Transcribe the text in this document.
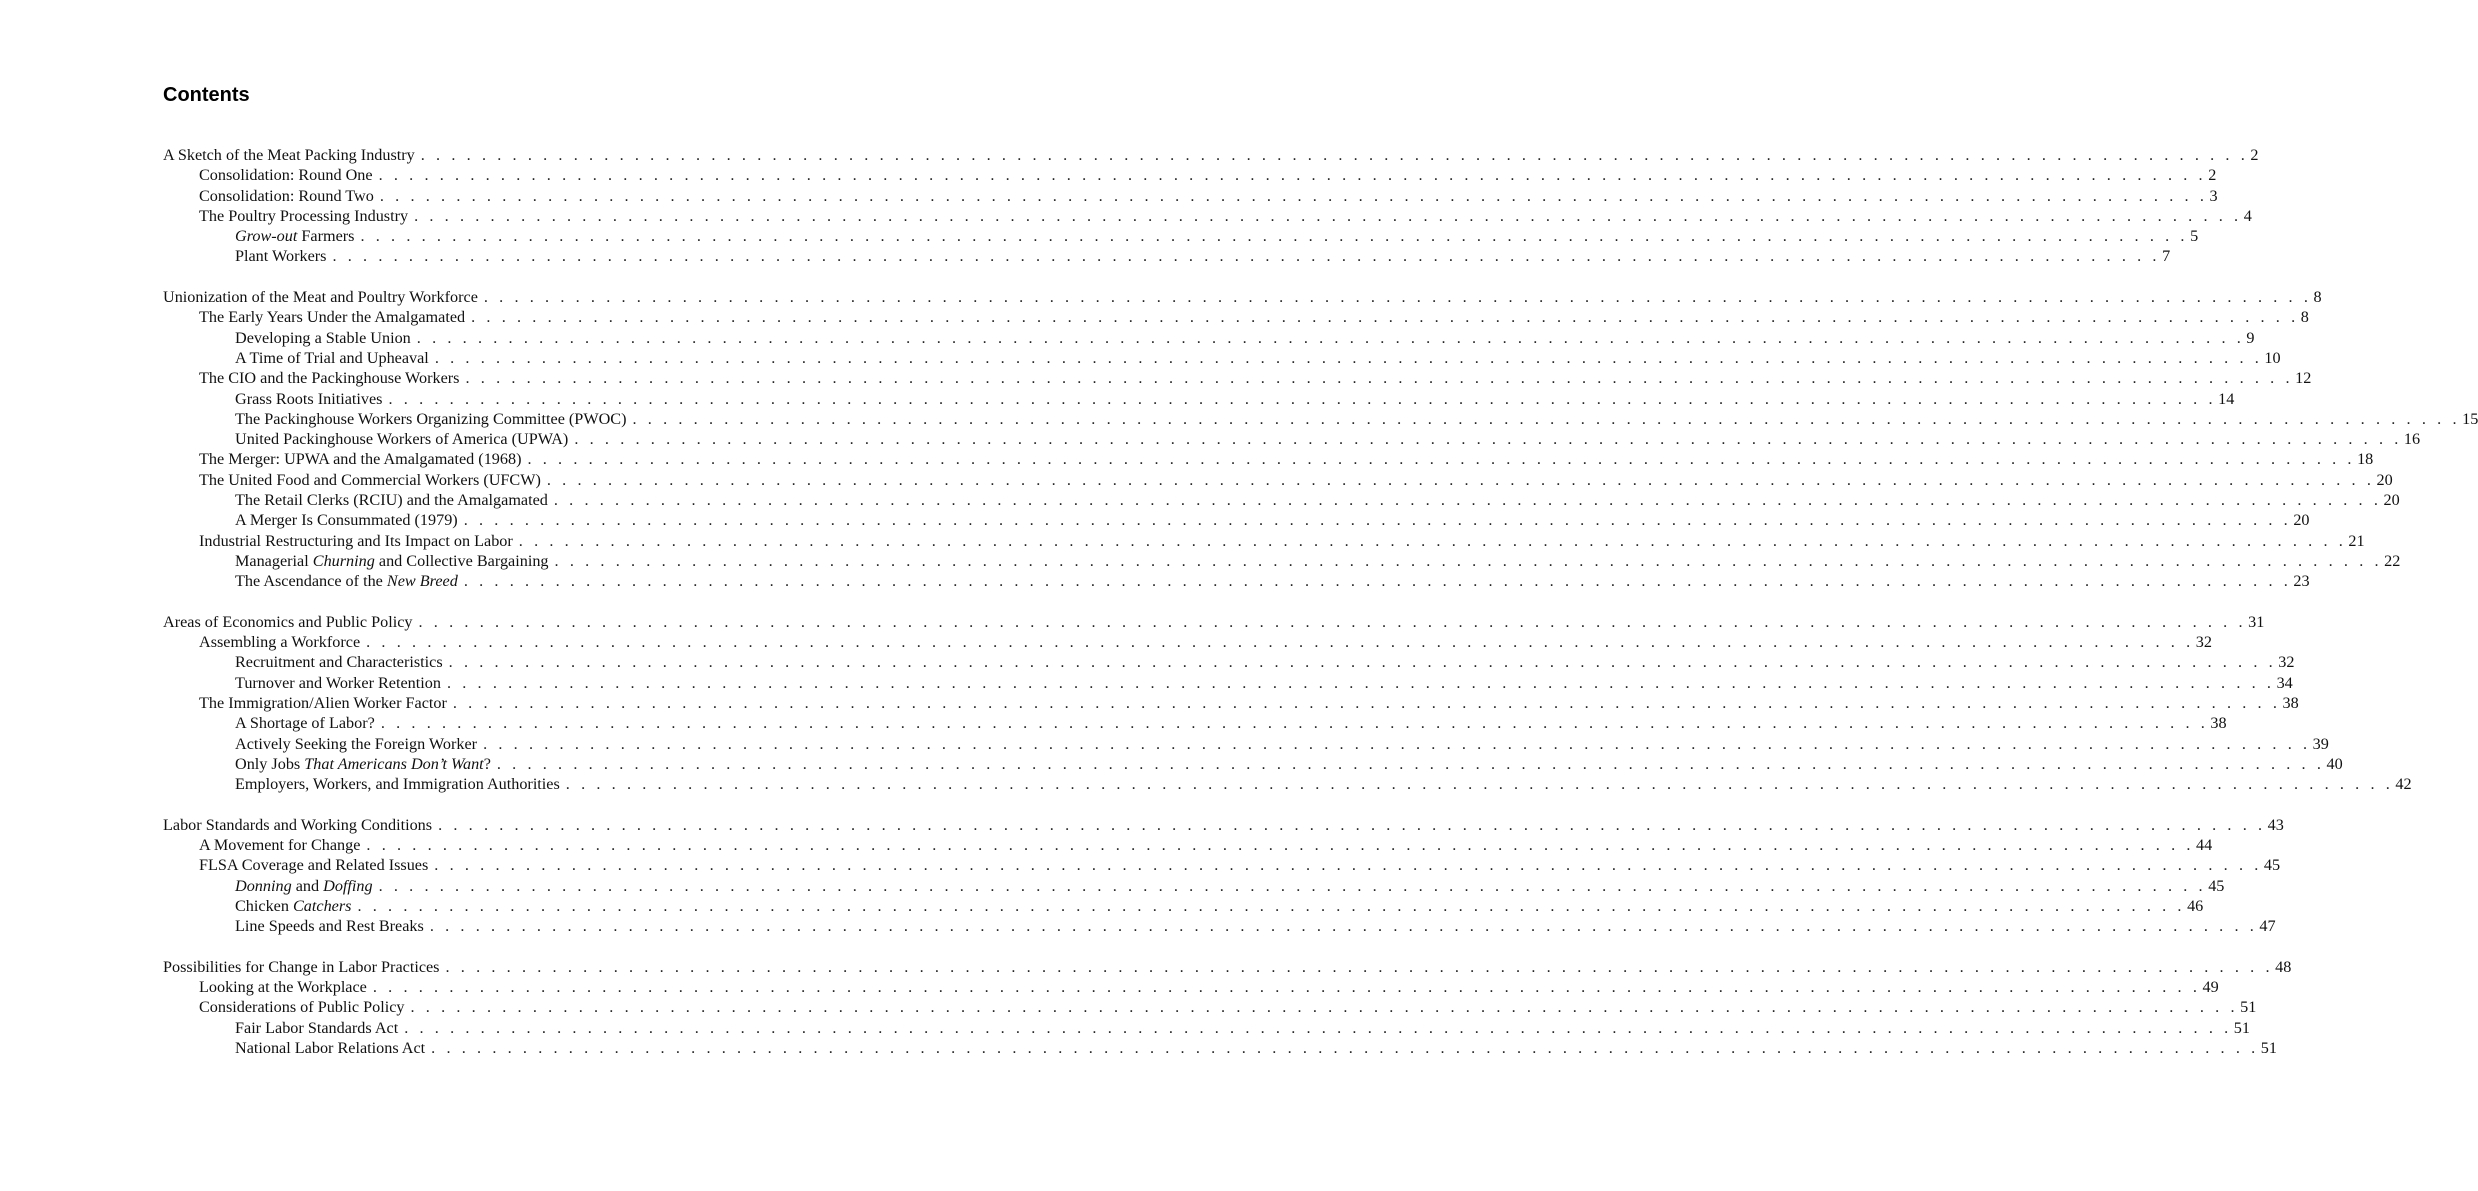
Contents
A Sketch of the Meat Packing Industry . . . . . . . . . . . . . . . . . . . . . . . . . . . . . . . . . . . . . . . . . . . . . . . . . . . . . . . . . . . . . . . . . . . . . . . . . . . . . . . . . . . . . . . . . . . . . . . . . . . . . . . . . . . . . . . . . . . . . . . . 2
Consolidation: Round One . . . . . . . . . . . . . . . . . . . . . . . . . . . . . . . . . . . . . . . . . . . . . . . . . . . . . . . . . . . . . . . . . . . . . . . . . . . . . . . . . . . . . . . . . . . . . . . . . . . . . . . . . . . . . . . . . . . . . . . . 2
Consolidation: Round Two . . . . . . . . . . . . . . . . . . . . . . . . . . . . . . . . . . . . . . . . . . . . . . . . . . . . . . . . . . . . . . . . . . . . . . . . . . . . . . . . . . . . . . . . . . . . . . . . . . . . . . . . . . . . . . . . . . . . . . . . 3
The Poultry Processing Industry . . . . . . . . . . . . . . . . . . . . . . . . . . . . . . . . . . . . . . . . . . . . . . . . . . . . . . . . . . . . . . . . . . . . . . . . . . . . . . . . . . . . . . . . . . . . . . . . . . . . . . . . . . . . . . . . . . . . . . . . 4
Grow-out Farmers . . . . . . . . . . . . . . . . . . . . . . . . . . . . . . . . . . . . . . . . . . . . . . . . . . . . . . . . . . . . . . . . . . . . . . . . . . . . . . . . . . . . . . . . . . . . . . . . . . . . . . . . . . . . . . . . . . . . . . . . 5
Plant Workers . . . . . . . . . . . . . . . . . . . . . . . . . . . . . . . . . . . . . . . . . . . . . . . . . . . . . . . . . . . . . . . . . . . . . . . . . . . . . . . . . . . . . . . . . . . . . . . . . . . . . . . . . . . . . . . . . . . . . . . . 7
Unionization of the Meat and Poultry Workforce . . . . . . . . . . . . . . . . . . . . . . . . . . . . . . . . . . . . . . . . . . . . . . . . . . . . . . . . . . . . . . . . . . . . . . . . . . . . . . . . . . . . . . . . . . . . . . . . . . . . . . . . . . . . . . . . . . . . . . . . 8
The Early Years Under the Amalgamated . . . . . . . . . . . . . . . . . . . . . . . . . . . . . . . . . . . . . . . . . . . . . . . . . . . . . . . . . . . . . . . . . . . . . . . . . . . . . . . . . . . . . . . . . . . . . . . . . . . . . . . . . . . . . . . . . . . . . . . . 8
Developing a Stable Union . . . . . . . . . . . . . . . . . . . . . . . . . . . . . . . . . . . . . . . . . . . . . . . . . . . . . . . . . . . . . . . . . . . . . . . . . . . . . . . . . . . . . . . . . . . . . . . . . . . . . . . . . . . . . . . . . . . . . . . . 9
A Time of Trial and Upheaval . . . . . . . . . . . . . . . . . . . . . . . . . . . . . . . . . . . . . . . . . . . . . . . . . . . . . . . . . . . . . . . . . . . . . . . . . . . . . . . . . . . . . . . . . . . . . . . . . . . . . . . . . . . . . . . . . . . . . . . . 10
The CIO and the Packinghouse Workers . . . . . . . . . . . . . . . . . . . . . . . . . . . . . . . . . . . . . . . . . . . . . . . . . . . . . . . . . . . . . . . . . . . . . . . . . . . . . . . . . . . . . . . . . . . . . . . . . . . . . . . . . . . . . . . . . . . . . . . . 12
Grass Roots Initiatives . . . . . . . . . . . . . . . . . . . . . . . . . . . . . . . . . . . . . . . . . . . . . . . . . . . . . . . . . . . . . . . . . . . . . . . . . . . . . . . . . . . . . . . . . . . . . . . . . . . . . . . . . . . . . . . . . . . . . . . . 14
The Packinghouse Workers Organizing Committee (PWOC) . . . . . . . . . . . . . . . . . . . . . . . . . . . . . . . . . . . . . . . . . . . . . . . . . . . . . . . . . . . . . . . . . . . . . . . . . . . . . . . . . . . . . . . . . . . . . . . . . . . . . . . . . . . . . . . . . . . . . . . . 15
United Packinghouse Workers of America (UPWA) . . . . . . . . . . . . . . . . . . . . . . . . . . . . . . . . . . . . . . . . . . . . . . . . . . . . . . . . . . . . . . . . . . . . . . . . . . . . . . . . . . . . . . . . . . . . . . . . . . . . . . . . . . . . . . . . . . . . . . . . 16
The Merger: UPWA and the Amalgamated (1968) . . . . . . . . . . . . . . . . . . . . . . . . . . . . . . . . . . . . . . . . . . . . . . . . . . . . . . . . . . . . . . . . . . . . . . . . . . . . . . . . . . . . . . . . . . . . . . . . . . . . . . . . . . . . . . . . . . . . . . . . 18
The United Food and Commercial Workers (UFCW) . . . . . . . . . . . . . . . . . . . . . . . . . . . . . . . . . . . . . . . . . . . . . . . . . . . . . . . . . . . . . . . . . . . . . . . . . . . . . . . . . . . . . . . . . . . . . . . . . . . . . . . . . . . . . . . . . . . . . . . . 20
The Retail Clerks (RCIU) and the Amalgamated . . . . . . . . . . . . . . . . . . . . . . . . . . . . . . . . . . . . . . . . . . . . . . . . . . . . . . . . . . . . . . . . . . . . . . . . . . . . . . . . . . . . . . . . . . . . . . . . . . . . . . . . . . . . . . . . . . . . . . . . 20
A Merger Is Consummated (1979) . . . . . . . . . . . . . . . . . . . . . . . . . . . . . . . . . . . . . . . . . . . . . . . . . . . . . . . . . . . . . . . . . . . . . . . . . . . . . . . . . . . . . . . . . . . . . . . . . . . . . . . . . . . . . . . . . . . . . . . . 20
Industrial Restructuring and Its Impact on Labor . . . . . . . . . . . . . . . . . . . . . . . . . . . . . . . . . . . . . . . . . . . . . . . . . . . . . . . . . . . . . . . . . . . . . . . . . . . . . . . . . . . . . . . . . . . . . . . . . . . . . . . . . . . . . . . . . . . . . . . . 21
Managerial Churning and Collective Bargaining . . . . . . . . . . . . . . . . . . . . . . . . . . . . . . . . . . . . . . . . . . . . . . . . . . . . . . . . . . . . . . . . . . . . . . . . . . . . . . . . . . . . . . . . . . . . . . . . . . . . . . . . . . . . . . . . . . . . . . . . 22
The Ascendance of the New Breed . . . . . . . . . . . . . . . . . . . . . . . . . . . . . . . . . . . . . . . . . . . . . . . . . . . . . . . . . . . . . . . . . . . . . . . . . . . . . . . . . . . . . . . . . . . . . . . . . . . . . . . . . . . . . . . . . . . . . . . . 23
Areas of Economics and Public Policy . . . . . . . . . . . . . . . . . . . . . . . . . . . . . . . . . . . . . . . . . . . . . . . . . . . . . . . . . . . . . . . . . . . . . . . . . . . . . . . . . . . . . . . . . . . . . . . . . . . . . . . . . . . . . . . . . . . . . . . . 31
Assembling a Workforce . . . . . . . . . . . . . . . . . . . . . . . . . . . . . . . . . . . . . . . . . . . . . . . . . . . . . . . . . . . . . . . . . . . . . . . . . . . . . . . . . . . . . . . . . . . . . . . . . . . . . . . . . . . . . . . . . . . . . . . . 32
Recruitment and Characteristics . . . . . . . . . . . . . . . . . . . . . . . . . . . . . . . . . . . . . . . . . . . . . . . . . . . . . . . . . . . . . . . . . . . . . . . . . . . . . . . . . . . . . . . . . . . . . . . . . . . . . . . . . . . . . . . . . . . . . . . . 32
Turnover and Worker Retention . . . . . . . . . . . . . . . . . . . . . . . . . . . . . . . . . . . . . . . . . . . . . . . . . . . . . . . . . . . . . . . . . . . . . . . . . . . . . . . . . . . . . . . . . . . . . . . . . . . . . . . . . . . . . . . . . . . . . . . . 34
The Immigration/Alien Worker Factor . . . . . . . . . . . . . . . . . . . . . . . . . . . . . . . . . . . . . . . . . . . . . . . . . . . . . . . . . . . . . . . . . . . . . . . . . . . . . . . . . . . . . . . . . . . . . . . . . . . . . . . . . . . . . . . . . . . . . . . . 38
A Shortage of Labor? . . . . . . . . . . . . . . . . . . . . . . . . . . . . . . . . . . . . . . . . . . . . . . . . . . . . . . . . . . . . . . . . . . . . . . . . . . . . . . . . . . . . . . . . . . . . . . . . . . . . . . . . . . . . . . . . . . . . . . . . 38
Actively Seeking the Foreign Worker . . . . . . . . . . . . . . . . . . . . . . . . . . . . . . . . . . . . . . . . . . . . . . . . . . . . . . . . . . . . . . . . . . . . . . . . . . . . . . . . . . . . . . . . . . . . . . . . . . . . . . . . . . . . . . . . . . . . . . . . 39
Only Jobs That Americans Don’t Want? . . . . . . . . . . . . . . . . . . . . . . . . . . . . . . . . . . . . . . . . . . . . . . . . . . . . . . . . . . . . . . . . . . . . . . . . . . . . . . . . . . . . . . . . . . . . . . . . . . . . . . . . . . . . . . . . . . . . . . . . 40
Employers, Workers, and Immigration Authorities . . . . . . . . . . . . . . . . . . . . . . . . . . . . . . . . . . . . . . . . . . . . . . . . . . . . . . . . . . . . . . . . . . . . . . . . . . . . . . . . . . . . . . . . . . . . . . . . . . . . . . . . . . . . . . . . . . . . . . . . 42
Labor Standards and Working Conditions . . . . . . . . . . . . . . . . . . . . . . . . . . . . . . . . . . . . . . . . . . . . . . . . . . . . . . . . . . . . . . . . . . . . . . . . . . . . . . . . . . . . . . . . . . . . . . . . . . . . . . . . . . . . . . . . . . . . . . . . 43
A Movement for Change . . . . . . . . . . . . . . . . . . . . . . . . . . . . . . . . . . . . . . . . . . . . . . . . . . . . . . . . . . . . . . . . . . . . . . . . . . . . . . . . . . . . . . . . . . . . . . . . . . . . . . . . . . . . . . . . . . . . . . . . 44
FLSA Coverage and Related Issues . . . . . . . . . . . . . . . . . . . . . . . . . . . . . . . . . . . . . . . . . . . . . . . . . . . . . . . . . . . . . . . . . . . . . . . . . . . . . . . . . . . . . . . . . . . . . . . . . . . . . . . . . . . . . . . . . . . . . . . . 45
Donning and Doffing . . . . . . . . . . . . . . . . . . . . . . . . . . . . . . . . . . . . . . . . . . . . . . . . . . . . . . . . . . . . . . . . . . . . . . . . . . . . . . . . . . . . . . . . . . . . . . . . . . . . . . . . . . . . . . . . . . . . . . . . 45
Chicken Catchers . . . . . . . . . . . . . . . . . . . . . . . . . . . . . . . . . . . . . . . . . . . . . . . . . . . . . . . . . . . . . . . . . . . . . . . . . . . . . . . . . . . . . . . . . . . . . . . . . . . . . . . . . . . . . . . . . . . . . . . . 46
Line Speeds and Rest Breaks . . . . . . . . . . . . . . . . . . . . . . . . . . . . . . . . . . . . . . . . . . . . . . . . . . . . . . . . . . . . . . . . . . . . . . . . . . . . . . . . . . . . . . . . . . . . . . . . . . . . . . . . . . . . . . . . . . . . . . . . 47
Possibilities for Change in Labor Practices . . . . . . . . . . . . . . . . . . . . . . . . . . . . . . . . . . . . . . . . . . . . . . . . . . . . . . . . . . . . . . . . . . . . . . . . . . . . . . . . . . . . . . . . . . . . . . . . . . . . . . . . . . . . . . . . . . . . . . . . 48
Looking at the Workplace . . . . . . . . . . . . . . . . . . . . . . . . . . . . . . . . . . . . . . . . . . . . . . . . . . . . . . . . . . . . . . . . . . . . . . . . . . . . . . . . . . . . . . . . . . . . . . . . . . . . . . . . . . . . . . . . . . . . . . . . 49
Considerations of Public Policy . . . . . . . . . . . . . . . . . . . . . . . . . . . . . . . . . . . . . . . . . . . . . . . . . . . . . . . . . . . . . . . . . . . . . . . . . . . . . . . . . . . . . . . . . . . . . . . . . . . . . . . . . . . . . . . . . . . . . . . . 51
Fair Labor Standards Act . . . . . . . . . . . . . . . . . . . . . . . . . . . . . . . . . . . . . . . . . . . . . . . . . . . . . . . . . . . . . . . . . . . . . . . . . . . . . . . . . . . . . . . . . . . . . . . . . . . . . . . . . . . . . . . . . . . . . . . . 51
National Labor Relations Act . . . . . . . . . . . . . . . . . . . . . . . . . . . . . . . . . . . . . . . . . . . . . . . . . . . . . . . . . . . . . . . . . . . . . . . . . . . . . . . . . . . . . . . . . . . . . . . . . . . . . . . . . . . . . . . . . . . . . . . . 51
